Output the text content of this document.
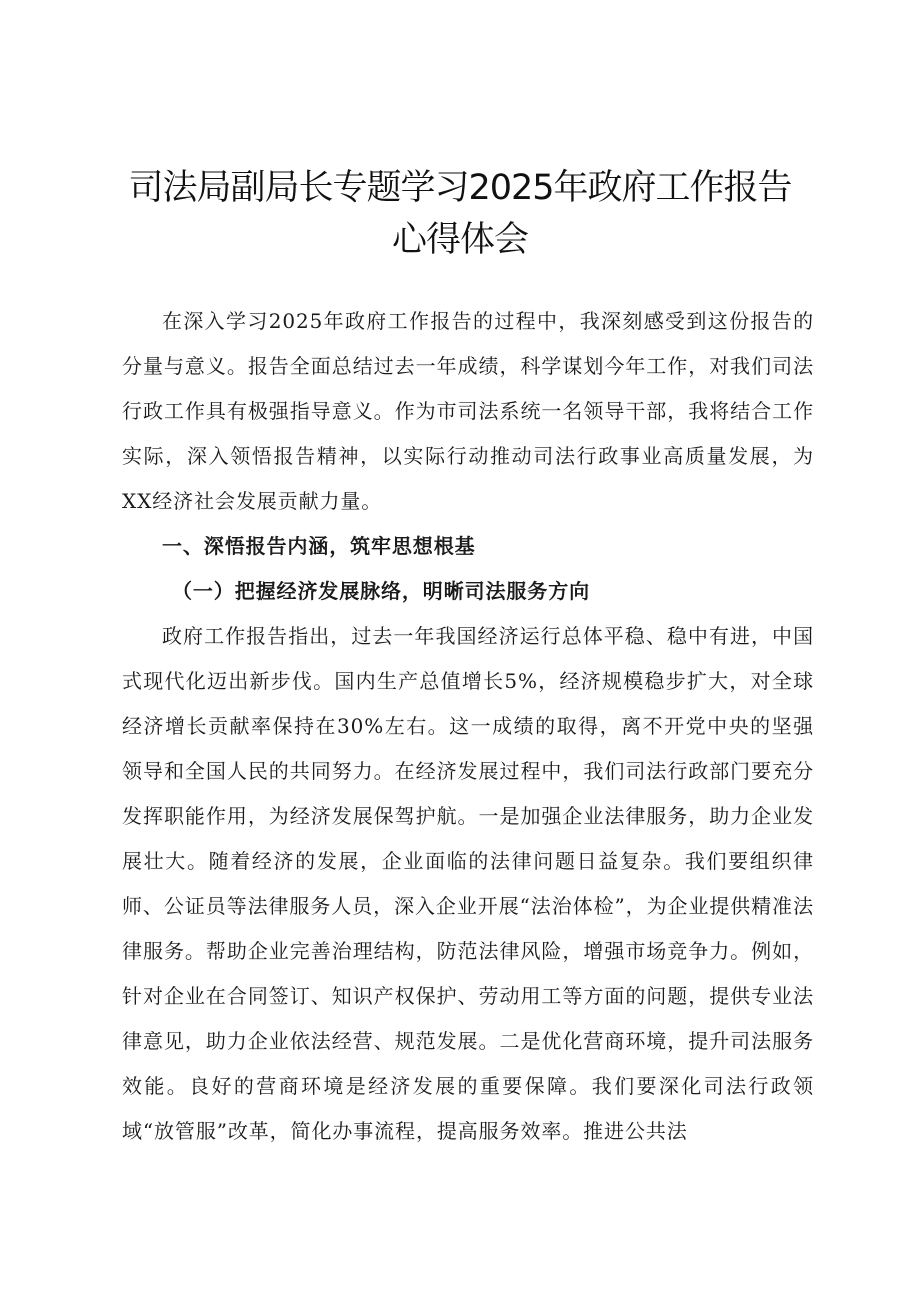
司法局副局长专题学习2025年政府工作报告
心得体会

在深入学习2025年政府工作报告的过程中，我深刻感受到这份报告的分量与意义。报告全面总结过去一年成绩，科学谋划今年工作，对我们司法行政工作具有极强指导意义。作为市司法系统一名领导干部，我将结合工作实际，深入领悟报告精神，以实际行动推动司法行政事业高质量发展，为XX经济社会发展贡献力量。

一、深悟报告内涵，筑牢思想根基
（一）把握经济发展脉络，明晰司法服务方向

政府工作报告指出，过去一年我国经济运行总体平稳、稳中有进，中国式现代化迈出新步伐。国内生产总值增长5%，经济规模稳步扩大，对全球经济增长贡献率保持在30%左右。这一成绩的取得，离不开党中央的坚强领导和全国人民的共同努力。在经济发展过程中，我们司法行政部门要充分发挥职能作用，为经济发展保驾护航。一是加强企业法律服务，助力企业发展壮大。随着经济的发展，企业面临的法律问题日益复杂。我们要组织律师、公证员等法律服务人员，深入企业开展“法治体检”，为企业提供精准法律服务。帮助企业完善治理结构，防范法律风险，增强市场竞争力。例如，针对企业在合同签订、知识产权保护、劳动用工等方面的问题，提供专业法律意见，助力企业依法经营、规范发展。二是优化营商环境，提升司法服务效能。良好的营商环境是经济发展的重要保障。我们要深化司法行政领域“放管服”改革，简化办事流程，提高服务效率。推进公共法
